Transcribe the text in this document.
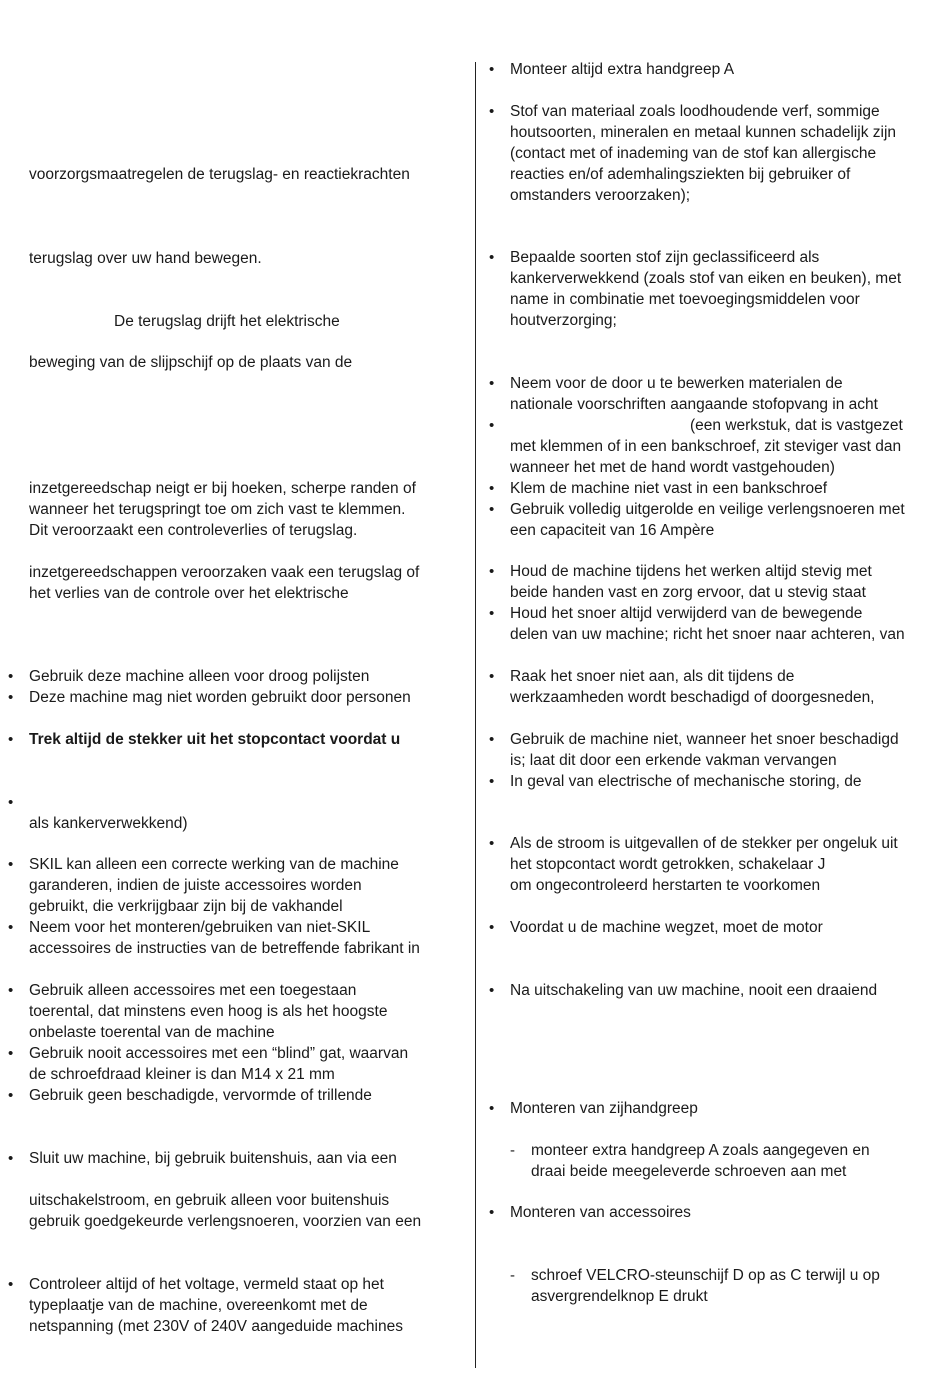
voorzorgsmaatregelen de terugslag- en reactiekrachten
terugslag over uw hand bewegen.
De terugslag drijft het elektrische
beweging van de slijpschijf op de plaats van de
inzetgereedschap neigt er bij hoeken, scherpe randen of
wanneer het terugspringt toe om zich vast te klemmen.
Dit veroorzaakt een controleverlies of terugslag.
inzetgereedschappen veroorzaken vaak een terugslag of
het verlies van de controle over het elektrische
• Gebruik deze machine alleen voor droog polijsten
• Deze machine mag niet worden gebruikt door personen
• Trek altijd de stekker uit het stopcontact voordat u
•
als kankerverwekkend)
• SKIL kan alleen een correcte werking van de machine
garanderen, indien de juiste accessoires worden
gebruikt, die verkrijgbaar zijn bij de vakhandel
• Neem voor het monteren/gebruiken van niet-SKIL
accessoires de instructies van de betreffende fabrikant in
• Gebruik alleen accessoires met een toegestaan
toerental, dat minstens even hoog is als het hoogste
onbelaste toerental van de machine
• Gebruik nooit accessoires met een “blind” gat, waarvan
de schroefdraad kleiner is dan M14 x 21 mm
• Gebruik geen beschadigde, vervormde of trillende
• Sluit uw machine, bij gebruik buitenshuis, aan via een
uitschakelstroom, en gebruik alleen voor buitenshuis
gebruik goedgekeurde verlengsnoeren, voorzien van een
• Controleer altijd of het voltage, vermeld staat op het
typeplaatje van de machine, overeenkomt met de
netspanning (met 230V of 240V aangeduide machines
• Monteer altijd extra handgreep A
• Stof van materiaal zoals loodhoudende verf, sommige
houtsoorten, mineralen en metaal kunnen schadelijk zijn
(contact met of inademing van de stof kan allergische
reacties en/of ademhalingsziekten bij gebruiker of
omstanders veroorzaken);
• Bepaalde soorten stof zijn geclassificeerd als
kankerverwekkend (zoals stof van eiken en beuken), met
name in combinatie met toevoegingsmiddelen voor
houtverzorging;
• Neem voor de door u te bewerken materialen de
nationale voorschriften aangaande stofopvang in acht
•	(een werkstuk, dat is vastgezet
met klemmen of in een bankschroef, zit steviger vast dan
wanneer het met de hand wordt vastgehouden)
• Klem de machine niet vast in een bankschroef
• Gebruik volledig uitgerolde en veilige verlengsnoeren met
een capaciteit van 16 Ampère
• Houd de machine tijdens het werken altijd stevig met
beide handen vast en zorg ervoor, dat u stevig staat
• Houd het snoer altijd verwijderd van de bewegende
delen van uw machine; richt het snoer naar achteren, van
• Raak het snoer niet aan, als dit tijdens de
werkzaamheden wordt beschadigd of doorgesneden,
• Gebruik de machine niet, wanneer het snoer beschadigd
is; laat dit door een erkende vakman vervangen
• In geval van electrische of mechanische storing, de
• Als de stroom is uitgevallen of de stekker per ongeluk uit
het stopcontact wordt getrokken, schakelaar J
om ongecontroleerd herstarten te voorkomen
• Voordat u de machine wegzet, moet de motor
• Na uitschakeling van uw machine, nooit een draaiend
• Monteren van zijhandgreep
- monteer extra handgreep A zoals aangegeven en
draai beide meegeleverde schroeven aan met
• Monteren van accessoires
- schroef VELCRO-steunschijf D op as C terwijl u op
asvergrendelknop E drukt
